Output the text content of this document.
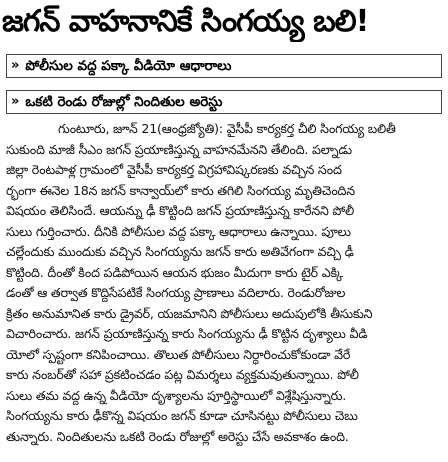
జగన్ వాహనానికే సింగయ్య బలి!
» పోలీసుల వద్ద పక్కా వీడియో ఆధారాలు
» ఒకటి రెండు రోజుల్లో నిందితుల అరెస్టు
గుంటూరు, జూన్ 21(ఆంధ్రజ్యోతి): వైసీపీ కార్యకర్త చీలి సింగయ్య బలితీ
సుకుంది మాజీ సీఎం జగన్ ప్రయాణిస్తున్న వాహనమేనని తేలింది. పల్నాడు
జిల్లా రెంటపాళ్ల గ్రామంలో వైసీపీ కార్యకర్త విగ్రహావిష్కరణకు వచ్చిన సంద
ర్భంగా ఈనెల 18న జగన్ కాన్వాయ్‌లో కారు తగిలి సింగయ్య మృతిచెందిన
విషయం తెలిసిందే. ఆయన్ను ఢీ కొట్టింది జగన్ ప్రయాణిస్తున్న కారేనని పోలీ
సులు గుర్తించారు. దీనికి పోలీసుల వద్ద పక్కా ఆధారాలు ఉన్నాయి. పూలు
చల్లేందుకు ముందుకు వచ్చిన సింగయ్యను జగన్ కారు అతివేగంగా వచ్చి ఢీ
కొట్టింది. దీంతో కింద పడిపోయిన ఆయన భుజం మీదుగా కారు టైర్ ఎక్కి
డంతో ఆ తర్వాత కొద్దిసేపటికే సింగయ్య ప్రాణాలు వదిలారు. రెండురోజుల
క్రితం అనుమానిత కారు డ్రైవర్, యజమానిని పోలీసులు అదుపులోకి తీసుకుని
విచారించారు. జగన్ ప్రయాణిస్తున్న కారు సింగయ్యను ఢీ కొట్టిన దృశ్యాలు వీడి
యోలో స్పష్టంగా కనిపించాయి. తొలుత పోలీసులు నిర్ధారించుకోకుండా వేరే
కారు నంబర్‌తో సహా ప్రకటించడం పట్ల విమర్శలు వ్యక్తమవుతున్నాయి. పోలీ
సులు తమ వద్ద ఉన్న వీడియో దృశ్యాలను పూర్తిస్థాయిలో విశ్లేషిస్తున్నారు.
సింగయ్యను కారు ఢీకొన్న విషయం జగన్ కూడా చూసినట్టు పోలీసులు చెబు
తున్నారు. నిందితులను ఒకటి రెండు రోజుల్లో అరెస్టు చేసే అవకాశం ఉంది.
